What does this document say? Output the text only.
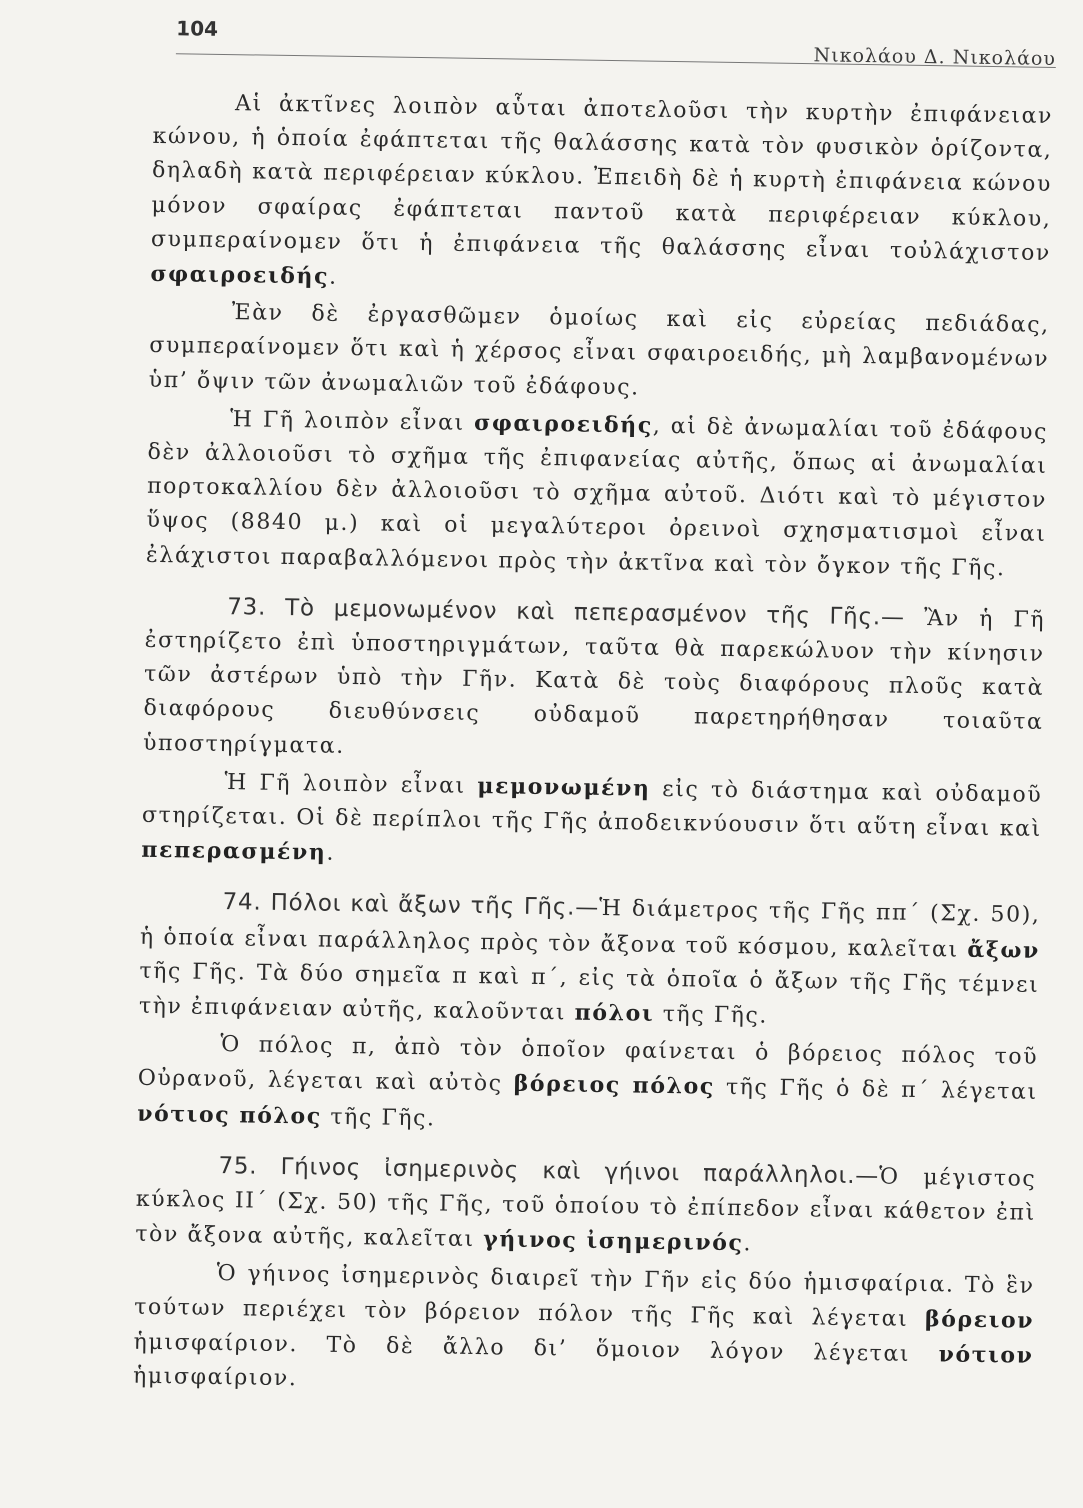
104
Νικολάου Δ. Νικολάου

Αἱ ἀκτῖνες λοιπὸν αὗται ἀποτελοῦσι τὴν κυρτὴν ἐπιφάνειαν κώνου, ἡ ὁποία ἐφάπτεται τῆς θαλάσσης κατὰ τὸν φυσικὸν ὁρίζοντα, δηλαδὴ κατὰ περιφέρειαν κύκλου. Ἐπειδὴ δὲ ἡ κυρτὴ ἐπιφάνεια κώνου μόνον σφαίρας ἐφάπτεται παντοῦ κατὰ περιφέρειαν κύκλου, συμπεραίνομεν ὅτι ἡ ἐπιφάνεια τῆς θαλάσσης εἶναι τοὐλάχιστον σφαιροειδής.

Ἐὰν δὲ ἐργασθῶμεν ὁμοίως καὶ εἰς εὐρείας πεδιάδας, συμπεραίνομεν ὅτι καὶ ἡ χέρσος εἶναι σφαιροειδής, μὴ λαμβανομένων ὑπ’ ὄψιν τῶν ἀνωμαλιῶν τοῦ ἐδάφους.

Ἡ Γῆ λοιπὸν εἶναι σφαιροειδής, αἱ δὲ ἀνωμαλίαι τοῦ ἐδάφους δὲν ἀλλοιοῦσι τὸ σχῆμα τῆς ἐπιφανείας αὐτῆς, ὅπως αἱ ἀνωμαλίαι πορτοκαλλίου δὲν ἀλλοιοῦσι τὸ σχῆμα αὐτοῦ. Διότι καὶ τὸ μέγιστον ὕψος (8840 μ.) καὶ οἱ μεγαλύτεροι ὀρεινοὶ σχησματισμοὶ εἶναι ἐλάχιστοι παραβαλλόμενοι πρὸς τὴν ἀκτῖνα καὶ τὸν ὄγκον τῆς Γῆς.

73. Τὸ μεμονωμένον καὶ πεπερασμένον τῆς Γῆς.— Ἂν ἡ Γῆ ἐστηρίζετο ἐπὶ ὑποστηριγμάτων, ταῦτα θὰ παρεκώλυον τὴν κίνησιν τῶν ἀστέρων ὑπὸ τὴν Γῆν. Κατὰ δὲ τοὺς διαφόρους πλοῦς κατὰ διαφόρους διευθύνσεις οὐδαμοῦ παρετηρήθησαν τοιαῦτα ὑποστηρίγματα.

Ἡ Γῆ λοιπὸν εἶναι μεμονωμένη εἰς τὸ διάστημα καὶ οὐδαμοῦ στηρίζεται. Οἱ δὲ περίπλοι τῆς Γῆς ἀποδεικνύουσιν ὅτι αὕτη εἶναι καὶ πεπερασμένη.

74. Πόλοι καὶ ἄξων τῆς Γῆς.—Ἡ διάμετρος τῆς Γῆς ππ΄ (Σχ. 50), ἡ ὁποία εἶναι παράλληλος πρὸς τὸν ἄξονα τοῦ κόσμου, καλεῖται ἄξων τῆς Γῆς. Τὰ δύο σημεῖα π καὶ π΄, εἰς τὰ ὁποῖα ὁ ἄξων τῆς Γῆς τέμνει τὴν ἐπιφάνειαν αὐτῆς, καλοῦνται πόλοι τῆς Γῆς.

Ὁ πόλος π, ἀπὸ τὸν ὁποῖον φαίνεται ὁ βόρειος πόλος τοῦ Οὐρανοῦ, λέγεται καὶ αὐτὸς βόρειος πόλος τῆς Γῆς ὁ δὲ π΄ λέγεται νότιος πόλος τῆς Γῆς.

75. Γήινος ἰσημερινὸς καὶ γήινοι παράλληλοι.—Ὁ μέγιστος κύκλος ΙΙ΄ (Σχ. 50) τῆς Γῆς, τοῦ ὁποίου τὸ ἐπίπεδον εἶναι κάθετον ἐπὶ τὸν ἄξονα αὐτῆς, καλεῖται γήινος ἰσημερινός.

Ὁ γήινος ἰσημερινὸς διαιρεῖ τὴν Γῆν εἰς δύο ἡμισφαίρια. Τὸ ἓν τούτων περιέχει τὸν βόρειον πόλον τῆς Γῆς καὶ λέγεται βόρειον ἡμισφαίριον. Τὸ δὲ ἄλλο δι’ ὅμοιον λόγον λέγεται νότιον ἡμισφαίριον.
